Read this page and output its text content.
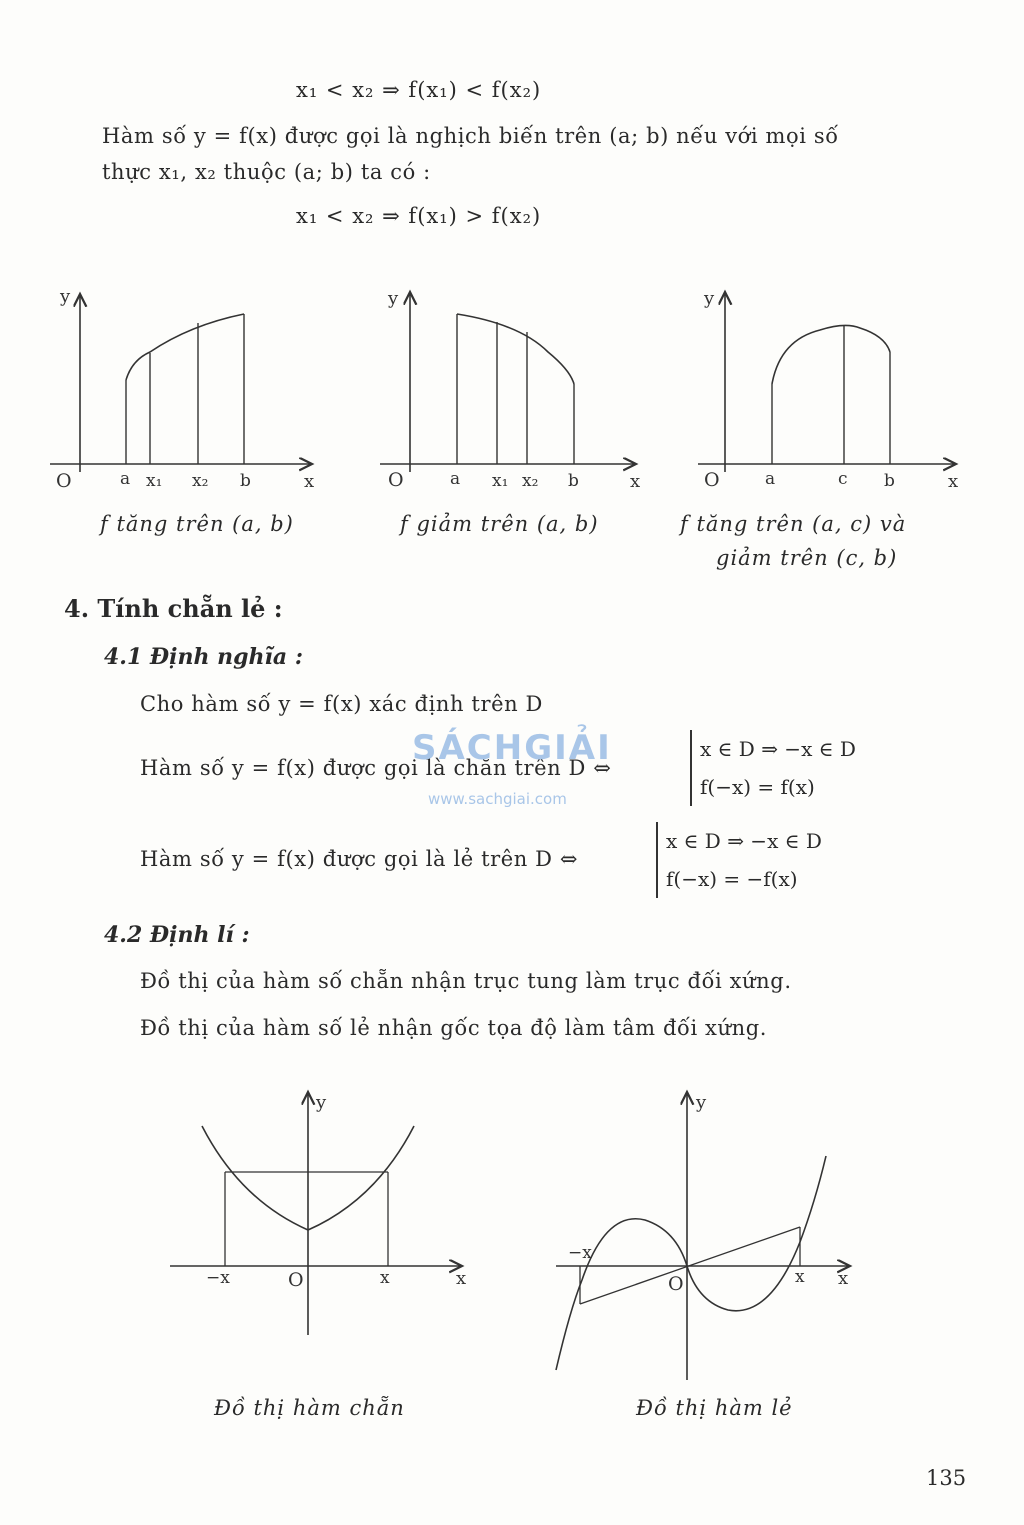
x₁ < x₂ ⇒ f(x₁) < f(x₂)
Hàm số y = f(x) được gọi là nghịch biến trên (a; b) nếu với mọi số
thực x₁, x₂ thuộc (a; b) ta có :
x₁ < x₂ ⇒ f(x₁) > f(x₂)
y
O	x
a x₁ x₂ b
y
O	x
a x₁ x₂ b
y
O	x
a	c b
f tăng trên (a, b)	f giảm trên (a, b)	f tăng trên (a, c) và
giảm trên (c, b)
4. Tính chẵn lẻ :
4.1 Định nghĩa :
Cho hàm số y = f(x) xác định trên D
Hàm số y = f(x) được gọi là chẵn trên D ⇔
x ∈ D ⇒ −x ∈ D
f(−x) = f(x)
Hàm số y = f(x) được gọi là lẻ trên D ⇔
x ∈ D ⇒ −x ∈ D
f(−x) = −f(x)
4.2 Định lí :
Đồ thị của hàm số chẵn nhận trục tung làm trục đối xứng.
Đồ thị của hàm số lẻ nhận gốc tọa độ làm tâm đối xứng.
y
O	x
−x	x
y
O	x
−x
x
Đồ thị hàm chẵn	Đồ thị hàm lẻ
SÁCHGIẢI
www.sachgiai.com
135
